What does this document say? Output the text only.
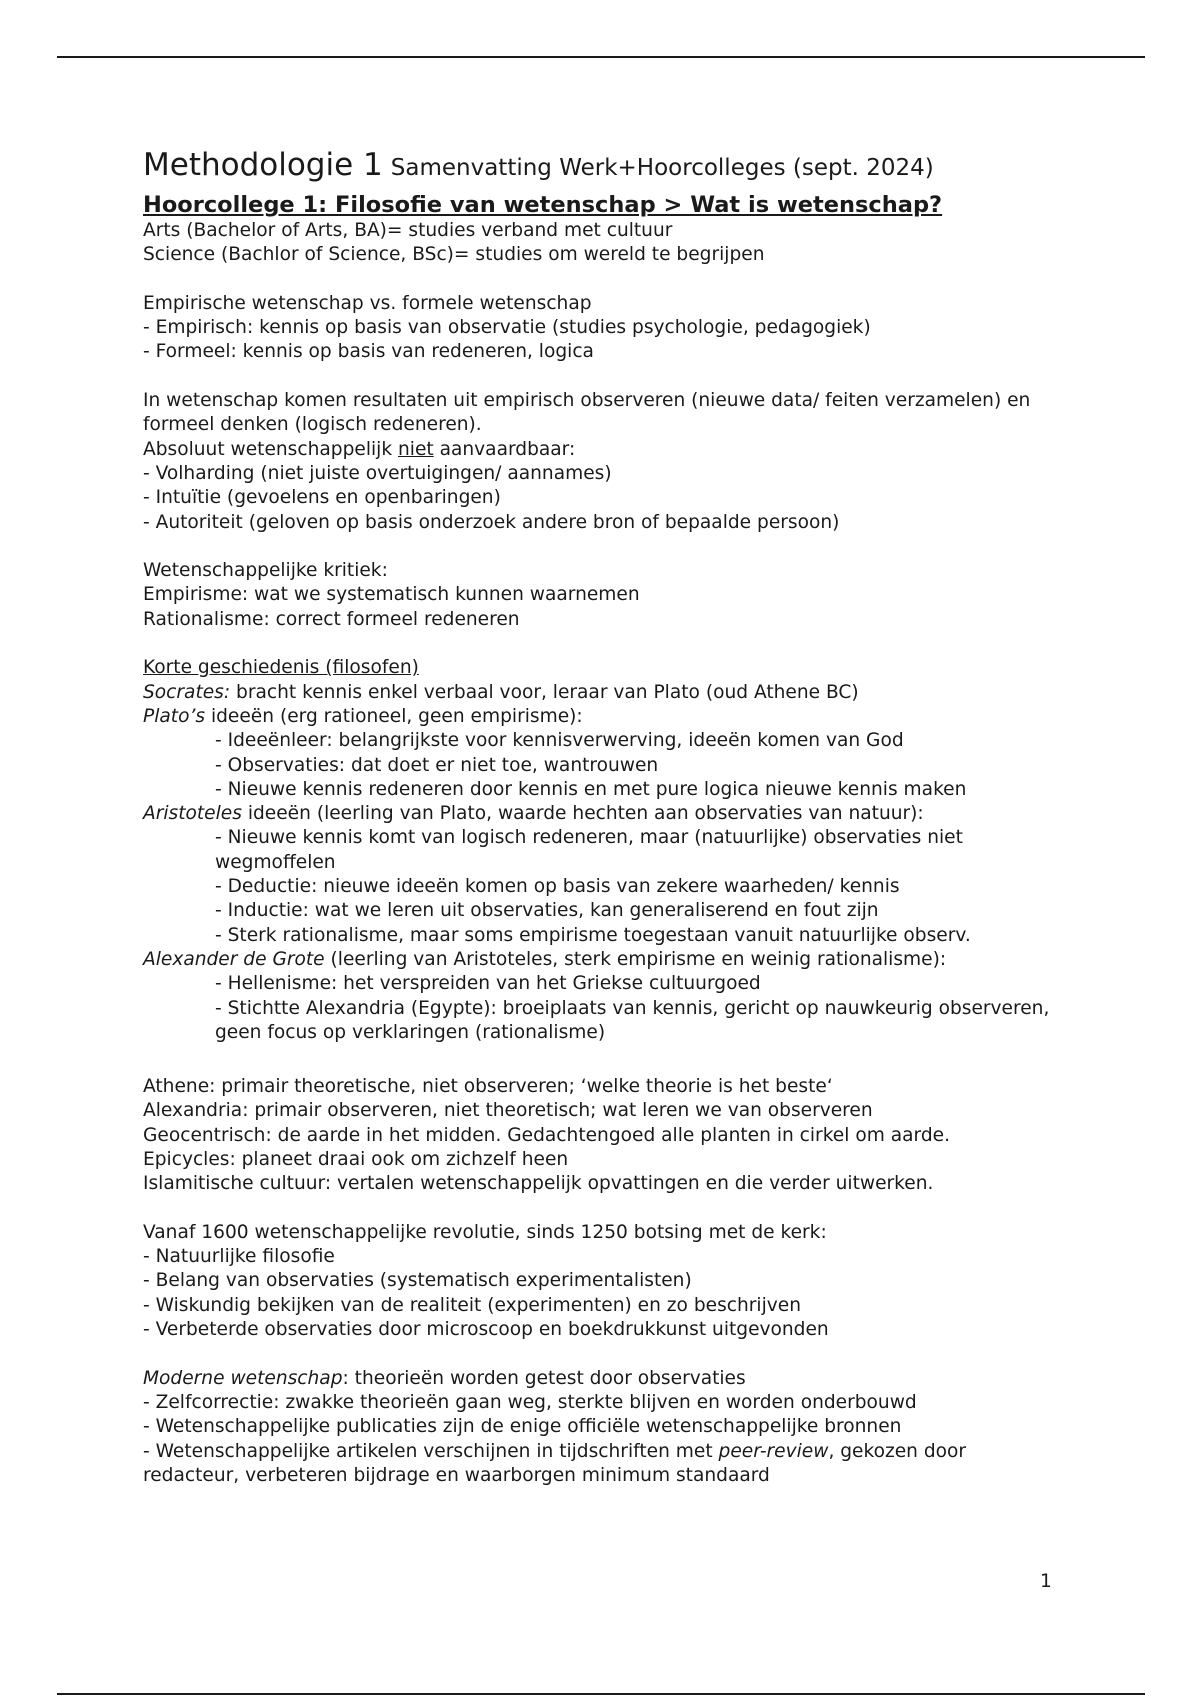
Methodologie 1 Samenvatting Werk+Hoorcolleges (sept. 2024)

Hoorcollege 1: Filosofie van wetenschap > Wat is wetenschap?

Arts (Bachelor of Arts, BA)= studies verband met cultuur

Science (Bachlor of Science, BSc)= studies om wereld te begrijpen

Empirische wetenschap vs. formele wetenschap

- Empirisch: kennis op basis van observatie (studies psychologie, pedagogiek)

- Formeel: kennis op basis van redeneren, logica

In wetenschap komen resultaten uit empirisch observeren (nieuwe data/ feiten verzamelen) en formeel denken (logisch redeneren).

Absoluut wetenschappelijk niet aanvaardbaar:

- Volharding (niet juiste overtuigingen/ aannames)

- Intuïtie (gevoelens en openbaringen)

- Autoriteit (geloven op basis onderzoek andere bron of bepaalde persoon)

Wetenschappelijke kritiek:

Empirisme: wat we systematisch kunnen waarnemen

Rationalisme: correct formeel redeneren

Korte geschiedenis (filosofen)

Socrates: bracht kennis enkel verbaal voor, leraar van Plato (oud Athene BC)

Plato’s ideeën (erg rationeel, geen empirisme):

- Ideeënleer: belangrijkste voor kennisverwerving, ideeën komen van God

- Observaties: dat doet er niet toe, wantrouwen

- Nieuwe kennis redeneren door kennis en met pure logica nieuwe kennis maken

Aristoteles ideeën (leerling van Plato, waarde hechten aan observaties van natuur):

- Nieuwe kennis komt van logisch redeneren, maar (natuurlijke) observaties niet wegmoffelen

- Deductie: nieuwe ideeën komen op basis van zekere waarheden/ kennis

- Inductie: wat we leren uit observaties, kan generaliserend en fout zijn

- Sterk rationalisme, maar soms empirisme toegestaan vanuit natuurlijke observ.

Alexander de Grote (leerling van Aristoteles, sterk empirisme en weinig rationalisme):

- Hellenisme: het verspreiden van het Griekse cultuurgoed

- Stichtte Alexandria (Egypte): broeiplaats van kennis, gericht op nauwkeurig observeren, geen focus op verklaringen (rationalisme)

Athene: primair theoretische, niet observeren; ‘welke theorie is het beste‘

Alexandria: primair observeren, niet theoretisch; wat leren we van observeren

Geocentrisch: de aarde in het midden. Gedachtengoed alle planten in cirkel om aarde.

Epicycles: planeet draai ook om zichzelf heen

Islamitische cultuur: vertalen wetenschappelijk opvattingen en die verder uitwerken.

Vanaf 1600 wetenschappelijke revolutie, sinds 1250 botsing met de kerk:

- Natuurlijke filosofie

- Belang van observaties (systematisch experimentalisten)

- Wiskundig bekijken van de realiteit (experimenten) en zo beschrijven

- Verbeterde observaties door microscoop en boekdrukkunst uitgevonden

Moderne wetenschap: theorieën worden getest door observaties

- Zelfcorrectie: zwakke theorieën gaan weg, sterkte blijven en worden onderbouwd

- Wetenschappelijke publicaties zijn de enige officiële wetenschappelijke bronnen

- Wetenschappelijke artikelen verschijnen in tijdschriften met peer-review, gekozen door redacteur, verbeteren bijdrage en waarborgen minimum standaard

1
